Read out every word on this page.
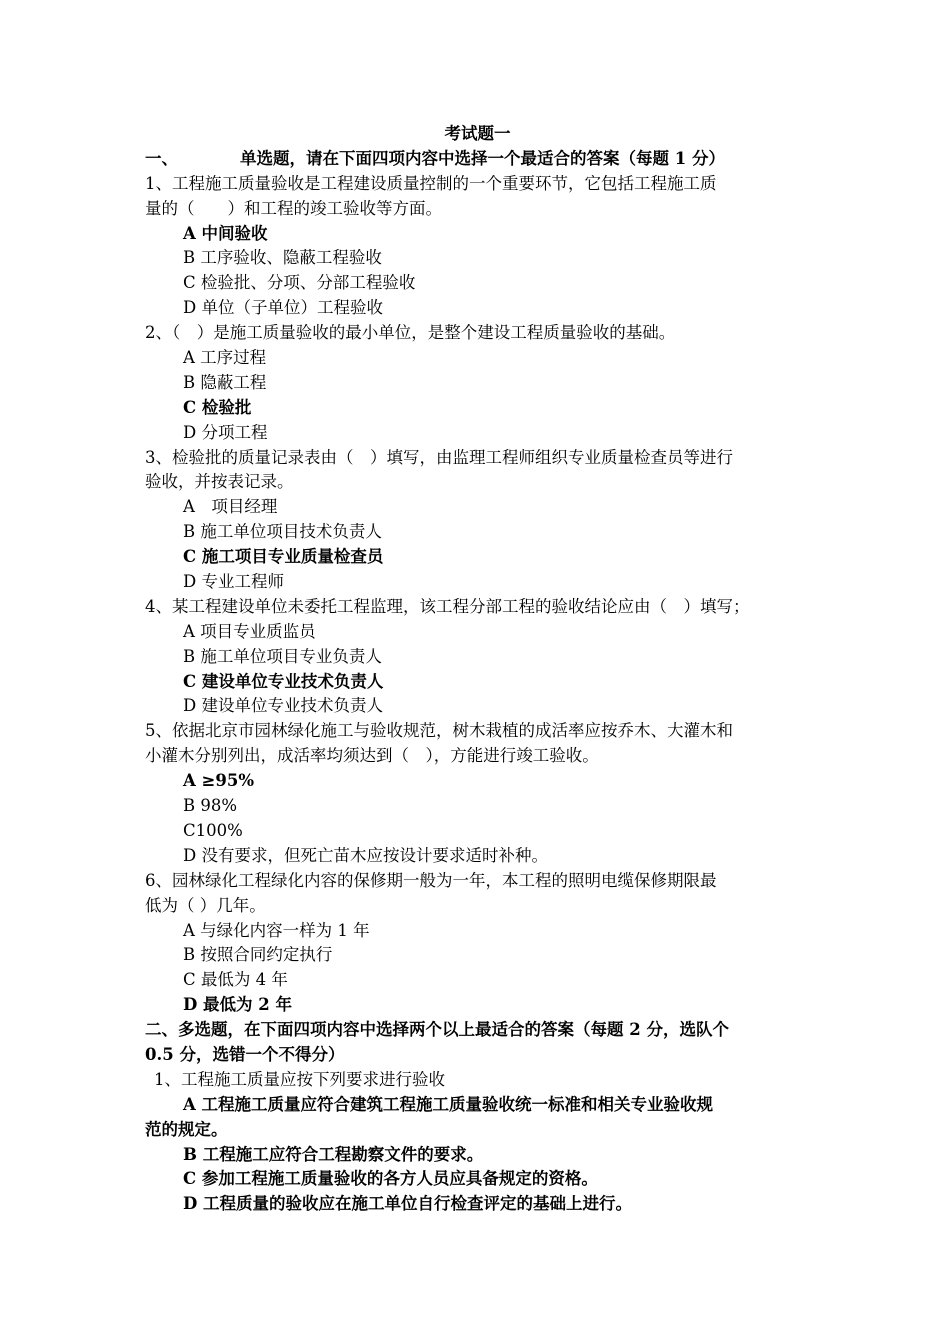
考试题一
一、	单选题，请在下面四项内容中选择一个最适合的答案（每题 1 分）
1、工程施工质量验收是工程建设质量控制的一个重要环节，它包括工程施工质
量的（　　）和工程的竣工验收等方面。
A 中间验收
B 工序验收、隐蔽工程验收
C 检验批、分项、分部工程验收
D 单位（子单位）工程验收
2、（　）是施工质量验收的最小单位，是整个建设工程质量验收的基础。
A 工序过程
B 隐蔽工程
C 检验批
D 分项工程
3、检验批的质量记录表由（　）填写，由监理工程师组织专业质量检查员等进行
验收，并按表记录。
A　项目经理
B 施工单位项目技术负责人
C 施工项目专业质量检查员
D 专业工程师
4、某工程建设单位未委托工程监理，该工程分部工程的验收结论应由（　）填写；
A 项目专业质监员
B 施工单位项目专业负责人
C 建设单位专业技术负责人
D 建设单位专业技术负责人
5、依据北京市园林绿化施工与验收规范，树木栽植的成活率应按乔木、大灌木和
小灌木分别列出，成活率均须达到（　），方能进行竣工验收。
A ≥95%
B 98%
C100%
D 没有要求，但死亡苗木应按设计要求适时补种。
6、园林绿化工程绿化内容的保修期一般为一年，本工程的照明电缆保修期限最
低为（ ）几年。
A 与绿化内容一样为 1 年
B 按照合同约定执行
C 最低为 4 年
D 最低为 2 年
二、多选题，在下面四项内容中选择两个以上最适合的答案（每题 2 分，选队个
0.5 分，选错一个不得分）
1、工程施工质量应按下列要求进行验收
A 工程施工质量应符合建筑工程施工质量验收统一标准和相关专业验收规
范的规定。
B 工程施工应符合工程勘察文件的要求。
C 参加工程施工质量验收的各方人员应具备规定的资格。
D 工程质量的验收应在施工单位自行检查评定的基础上进行。
